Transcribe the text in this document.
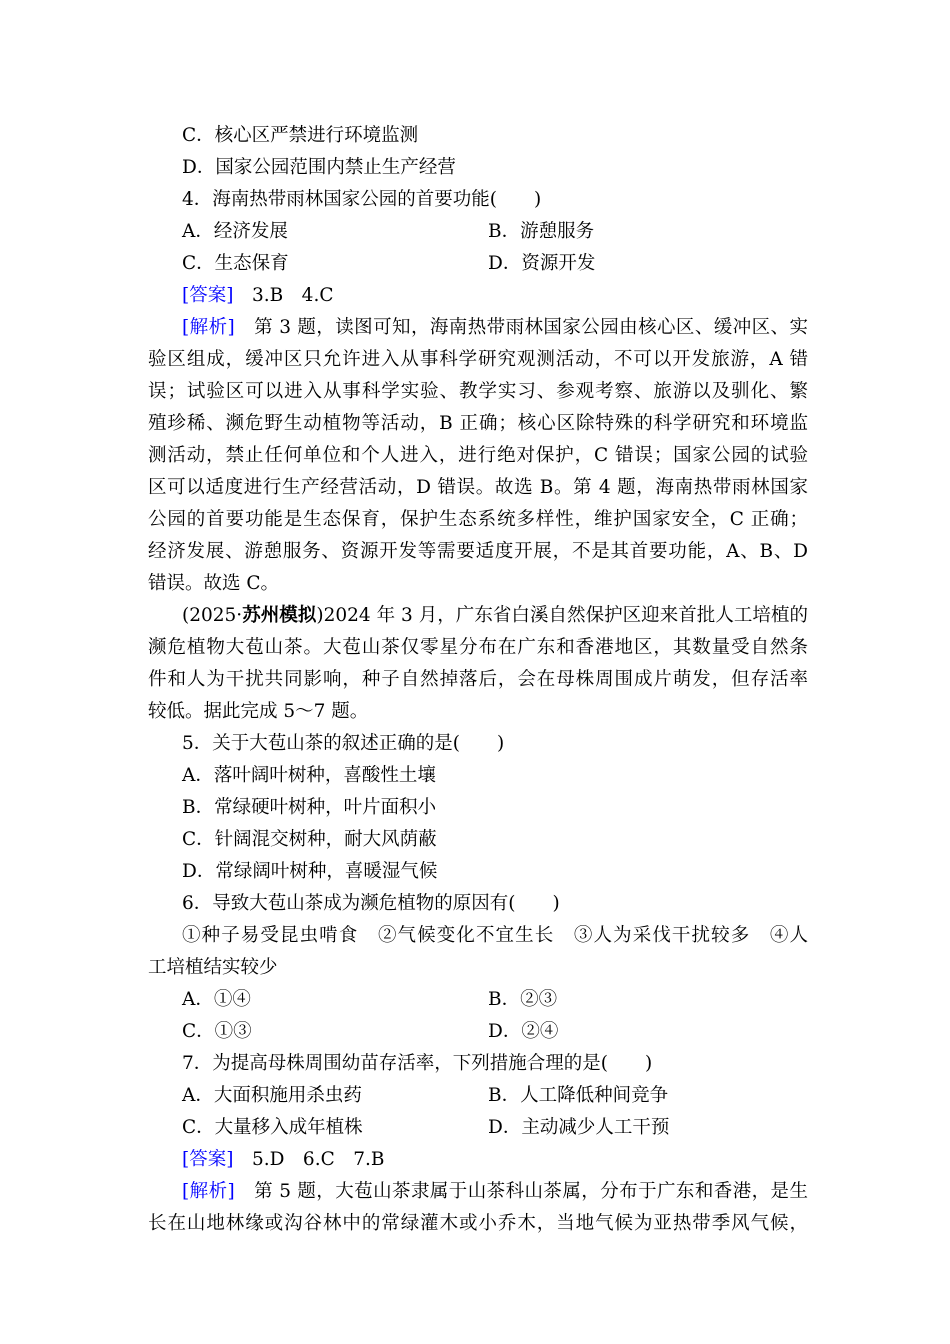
C．核心区严禁进行环境监测
D．国家公园范围内禁止生产经营
4．海南热带雨林国家公园的首要功能(　　)
A．经济发展	B．游憩服务
C．生态保育	D．资源开发
[答案]　3.B　4.C
[解析]　第 3 题，读图可知，海南热带雨林国家公园由核心区、缓冲区、实
验区组成，缓冲区只允许进入从事科学研究观测活动，不可以开发旅游，A 错
误；试验区可以进入从事科学实验、教学实习、参观考察、旅游以及驯化、繁
殖珍稀、濒危野生动植物等活动，B 正确；核心区除特殊的科学研究和环境监
测活动，禁止任何单位和个人进入，进行绝对保护，C 错误；国家公园的试验
区可以适度进行生产经营活动，D 错误。故选 B。第 4 题，海南热带雨林国家
公园的首要功能是生态保育，保护生态系统多样性，维护国家安全，C 正确；
经济发展、游憩服务、资源开发等需要适度开展，不是其首要功能，A、B、D
错误。故选 C。
(2025·苏州模拟)2024 年 3 月，广东省白溪自然保护区迎来首批人工培植的
濒危植物大苞山茶。大苞山茶仅零星分布在广东和香港地区，其数量受自然条
件和人为干扰共同影响，种子自然掉落后，会在母株周围成片萌发，但存活率
较低。据此完成 5～7 题。
5．关于大苞山茶的叙述正确的是(　　)
A．落叶阔叶树种，喜酸性土壤
B．常绿硬叶树种，叶片面积小
C．针阔混交树种，耐大风荫蔽
D．常绿阔叶树种，喜暖湿气候
6．导致大苞山茶成为濒危植物的原因有(　　)
①种子易受昆虫啃食　②气候变化不宜生长　③人为采伐干扰较多　④人
工培植结实较少
A．①④	B．②③
C．①③	D．②④
7．为提高母株周围幼苗存活率，下列措施合理的是(　　)
A．大面积施用杀虫药	B．人工降低种间竞争
C．大量移入成年植株	D．主动减少人工干预
[答案]　5.D　6.C　7.B
[解析]　第 5 题，大苞山茶隶属于山茶科山茶属，分布于广东和香港，是生
长在山地林缘或沟谷林中的常绿灌木或小乔木，当地气候为亚热带季风气候，
